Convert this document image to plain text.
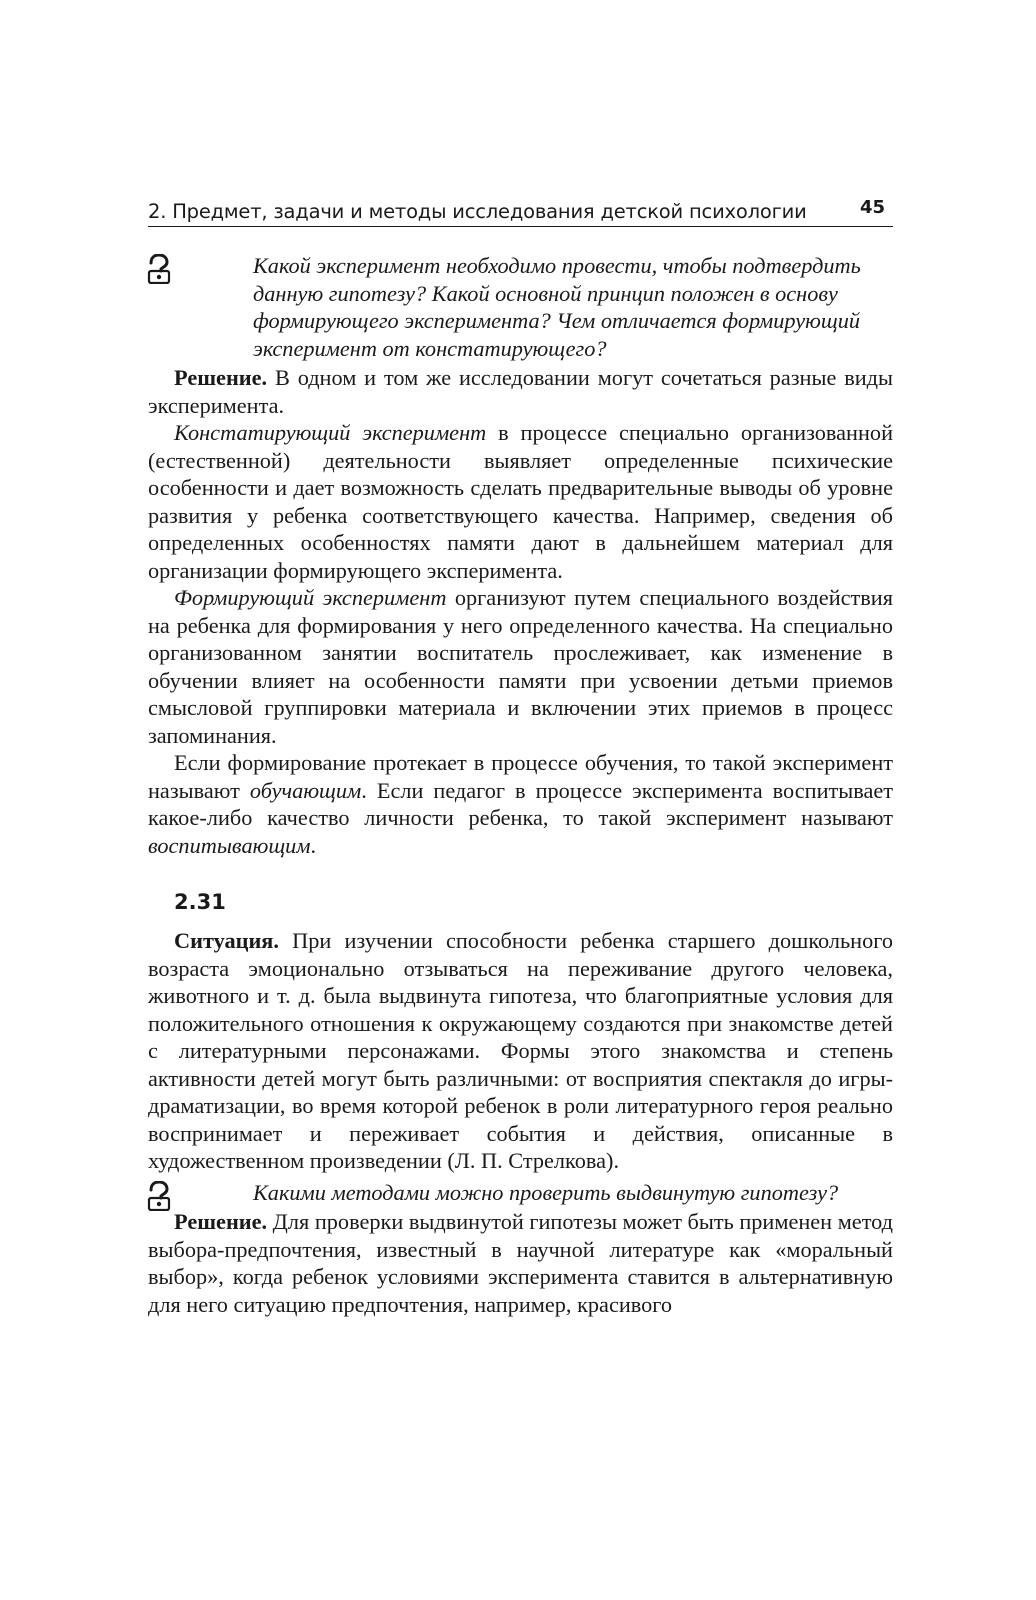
2. Предмет, задачи и методы исследования детской психологии	45
Какой эксперимент необходимо провести, чтобы подтвердить данную гипотезу? Какой основной принцип положен в основу формирующего эксперимента? Чем отличается формирующий эксперимент от констатирующего?
Решение. В одном и том же исследовании могут сочетаться разные виды эксперимента.
Констатирующий эксперимент в процессе специально организованной (естественной) деятельности выявляет определенные психические особенности и дает возможность сделать предварительные выводы об уровне развития у ребенка соответствующего качества. Например, сведения об определенных особенностях памяти дают в дальнейшем материал для организации формирующего эксперимента.
Формирующий эксперимент организуют путем специального воздействия на ребенка для формирования у него определенного качества. На специально организованном занятии воспитатель прослеживает, как изменение в обучении влияет на особенности памяти при усвоении детьми приемов смысловой группировки материала и включении этих приемов в процесс запоминания.
Если формирование протекает в процессе обучения, то такой эксперимент называют обучающим. Если педагог в процессе эксперимента воспитывает какое-либо качество личности ребенка, то такой эксперимент называют воспитывающим.
2.31
Ситуация. При изучении способности ребенка старшего дошкольного возраста эмоционально отзываться на переживание другого человека, животного и т. д. была выдвинута гипотеза, что благоприятные условия для положительного отношения к окружающему создаются при знакомстве детей с литературными персонажами. Формы этого знакомства и степень активности детей могут быть различными: от восприятия спектакля до игры-драматизации, во время которой ребенок в роли литературного героя реально воспринимает и переживает события и действия, описанные в художественном произведении (Л. П. Стрелкова).
Какими методами можно проверить выдвинутую гипотезу?
Решение. Для проверки выдвинутой гипотезы может быть применен метод выбора-предпочтения, известный в научной литературе как «моральный выбор», когда ребенок условиями эксперимента ставится в альтернативную для него ситуацию предпочтения, например, красивого
